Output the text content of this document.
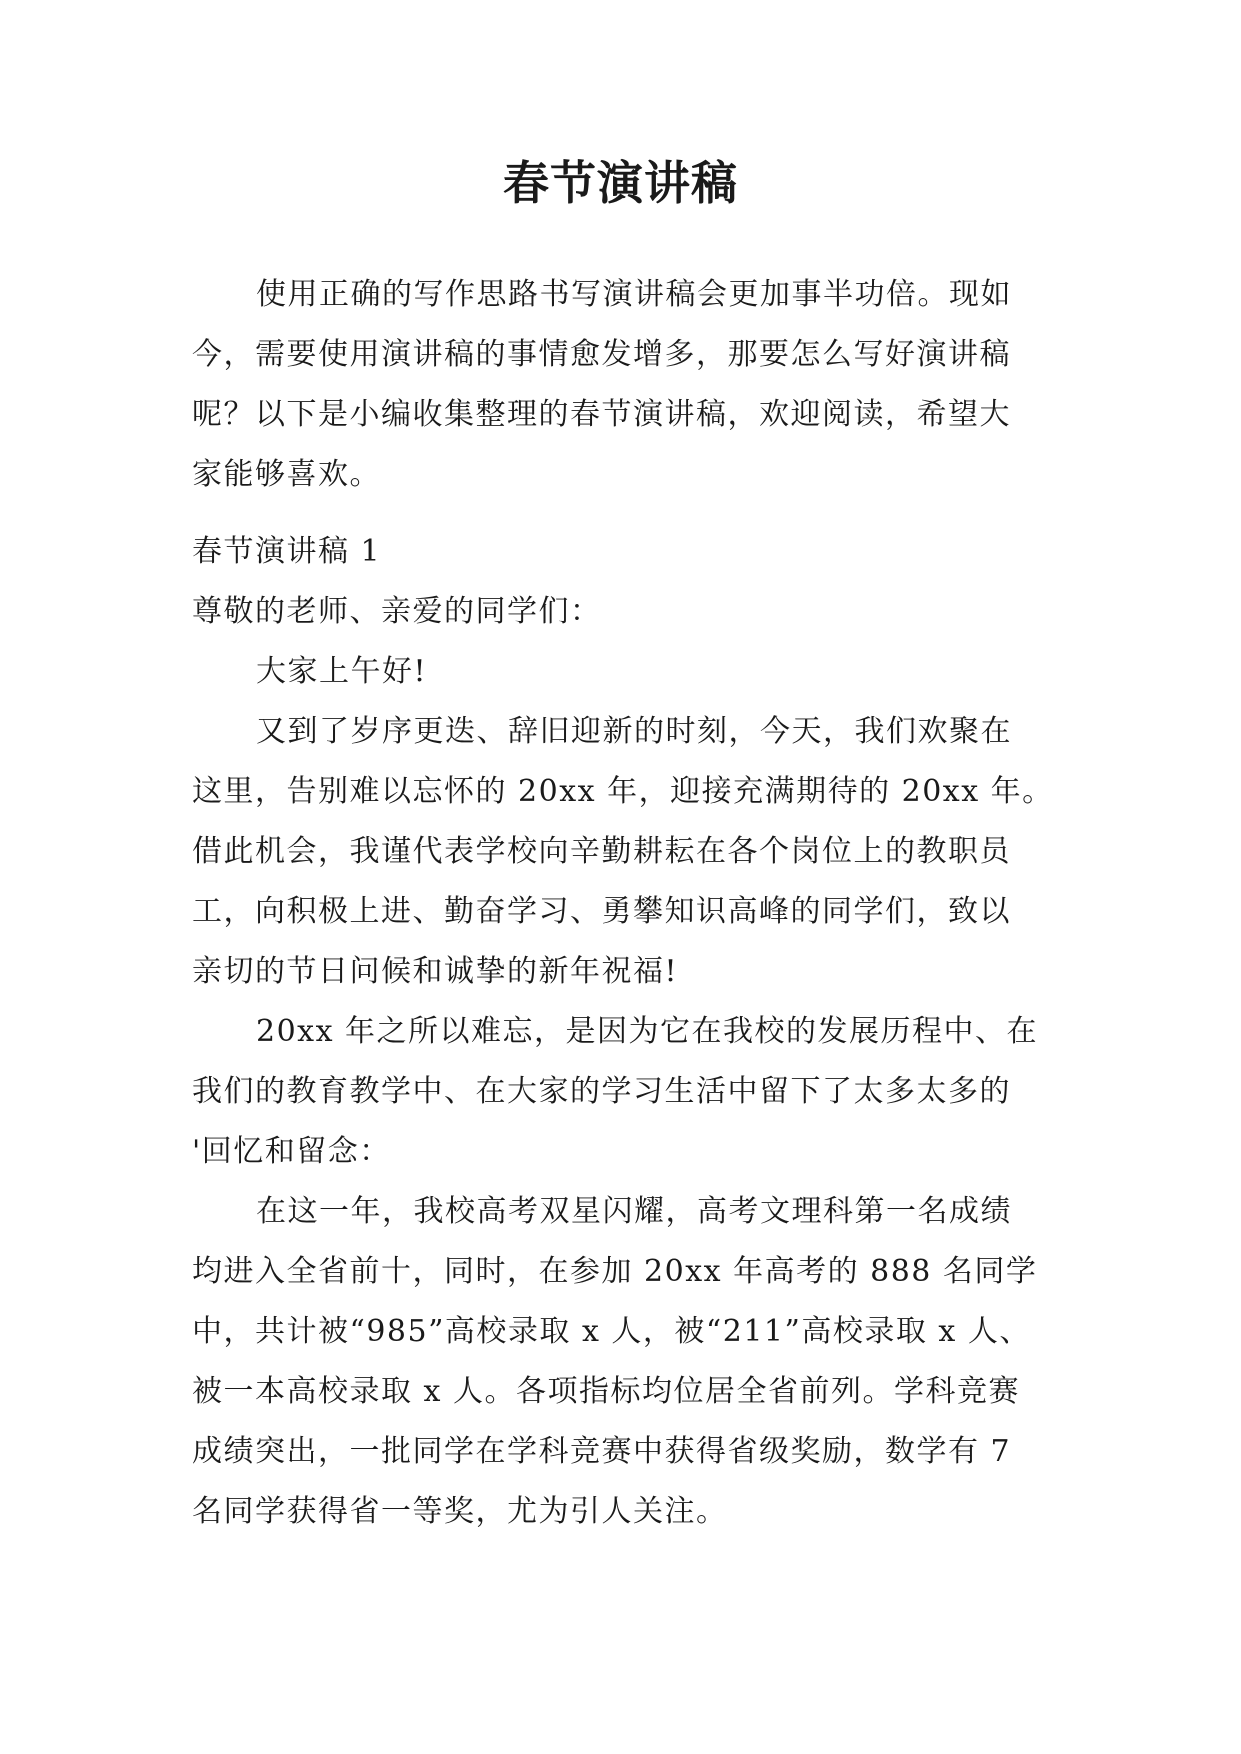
春节演讲稿
使用正确的写作思路书写演讲稿会更加事半功倍。现如
今，需要使用演讲稿的事情愈发增多，那要怎么写好演讲稿
呢？以下是小编收集整理的春节演讲稿，欢迎阅读，希望大
家能够喜欢。
春节演讲稿 1
尊敬的老师、亲爱的同学们：
大家上午好!
又到了岁序更迭、辞旧迎新的时刻，今天，我们欢聚在
这里，告别难以忘怀的 20xx 年，迎接充满期待的 20xx 年。
借此机会，我谨代表学校向辛勤耕耘在各个岗位上的教职员
工，向积极上进、勤奋学习、勇攀知识高峰的同学们，致以
亲切的节日问候和诚挚的新年祝福!
20xx 年之所以难忘，是因为它在我校的发展历程中、在
我们的教育教学中、在大家的学习生活中留下了太多太多的
'回忆和留念：
在这一年，我校高考双星闪耀，高考文理科第一名成绩
均进入全省前十，同时，在参加 20xx 年高考的 888 名同学
中，共计被“985”高校录取 x 人，被“211”高校录取 x 人、
被一本高校录取 x 人。各项指标均位居全省前列。学科竞赛
成绩突出，一批同学在学科竞赛中获得省级奖励，数学有 7
名同学获得省一等奖，尤为引人关注。
